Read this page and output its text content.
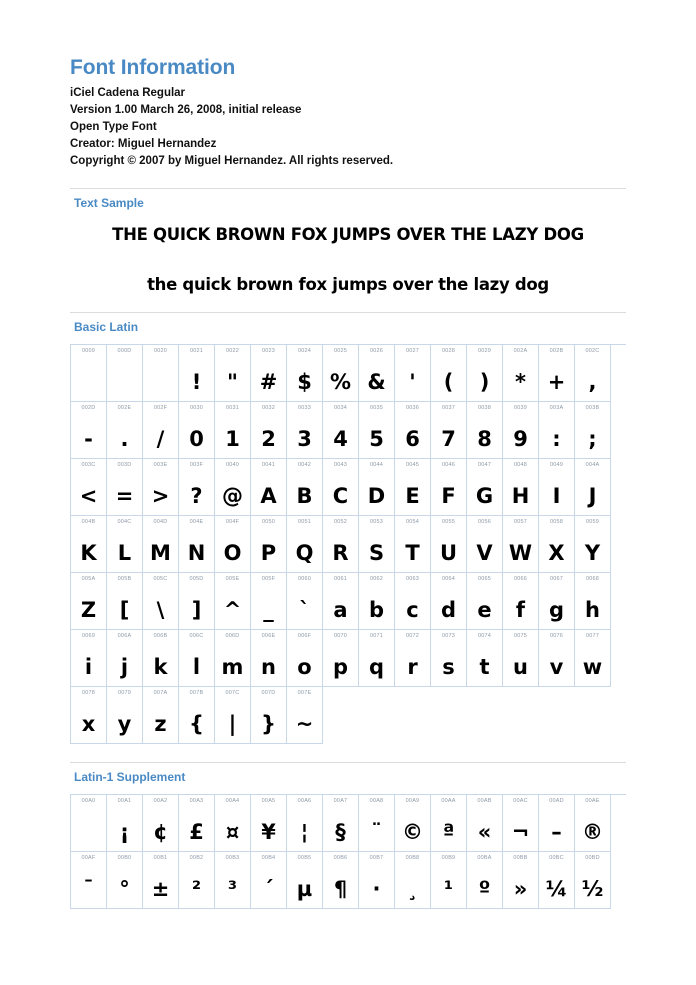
Font Information
iCiel Cadena Regular
Version 1.00 March 26, 2008, initial release
Open Type Font
Creator: Miguel Hernandez
Copyright © 2007 by Miguel Hernandez. All rights reserved.
Text Sample
THE QUICK BROWN FOX JUMPS OVER THE LAZY DOG
the quick brown fox jumps over the lazy dog
Basic Latin
0009	000D	0020	0021
!
0022
"
0023
#
0024
$
0025
%
0026
&
0027
'
0028
(
0029
)
002A
*
002B
+
002C
,
002D
-
002E
.
002F
/
0030
0
0031
1
0032
2
0033
3
0034
4
0035
5
0036
6
0037
7
0038
8
0039
9
003A
:
003B
;
003C
<
003D
=
003E
>
003F
?
0040
@
0041
A
0042
B
0043
C
0044
D
0045
E
0046
F
0047
G
0048
H
0049
I
004A
J
004B
K
004C
L
004D
M
004E
N
004F
O
0050
P
0051
Q
0052
R
0053
S
0054
T
0055
U
0056
V
0057
W
0058
X
0059
Y
005A
Z
005B
[
005C
\
005D
]
005E
^
005F
_
0060
`
0061
a
0062
b
0063
c
0064
d
0065
e
0066
f
0067
g
0068
h
0069
i
006A
j
006B
k
006C
l
006D
m
006E
n
006F
o
0070
p
0071
q
0072
r
0073
s
0074
t
0075
u
0076
v
0077
w
0078
x
0079
y
007A
z
007B
{
007C
|
007D
}
007E
~
Latin-1 Supplement
00A0	00A1
¡
00A2
¢
00A3
£
00A4
¤
00A5
¥
00A6
¦
00A7
§
00A8
¨
00A9
©
00AA
ª
00AB
«
00AC
¬
00AD
–
00AE
®
00AF
¯
00B0
°
00B1
±
00B2
²
00B3
³
00B4
´
00B5
µ
00B6
¶
00B7
·
00B8
¸
00B9
¹
00BA
º
00BB
»
00BC
¼
00BD
½
